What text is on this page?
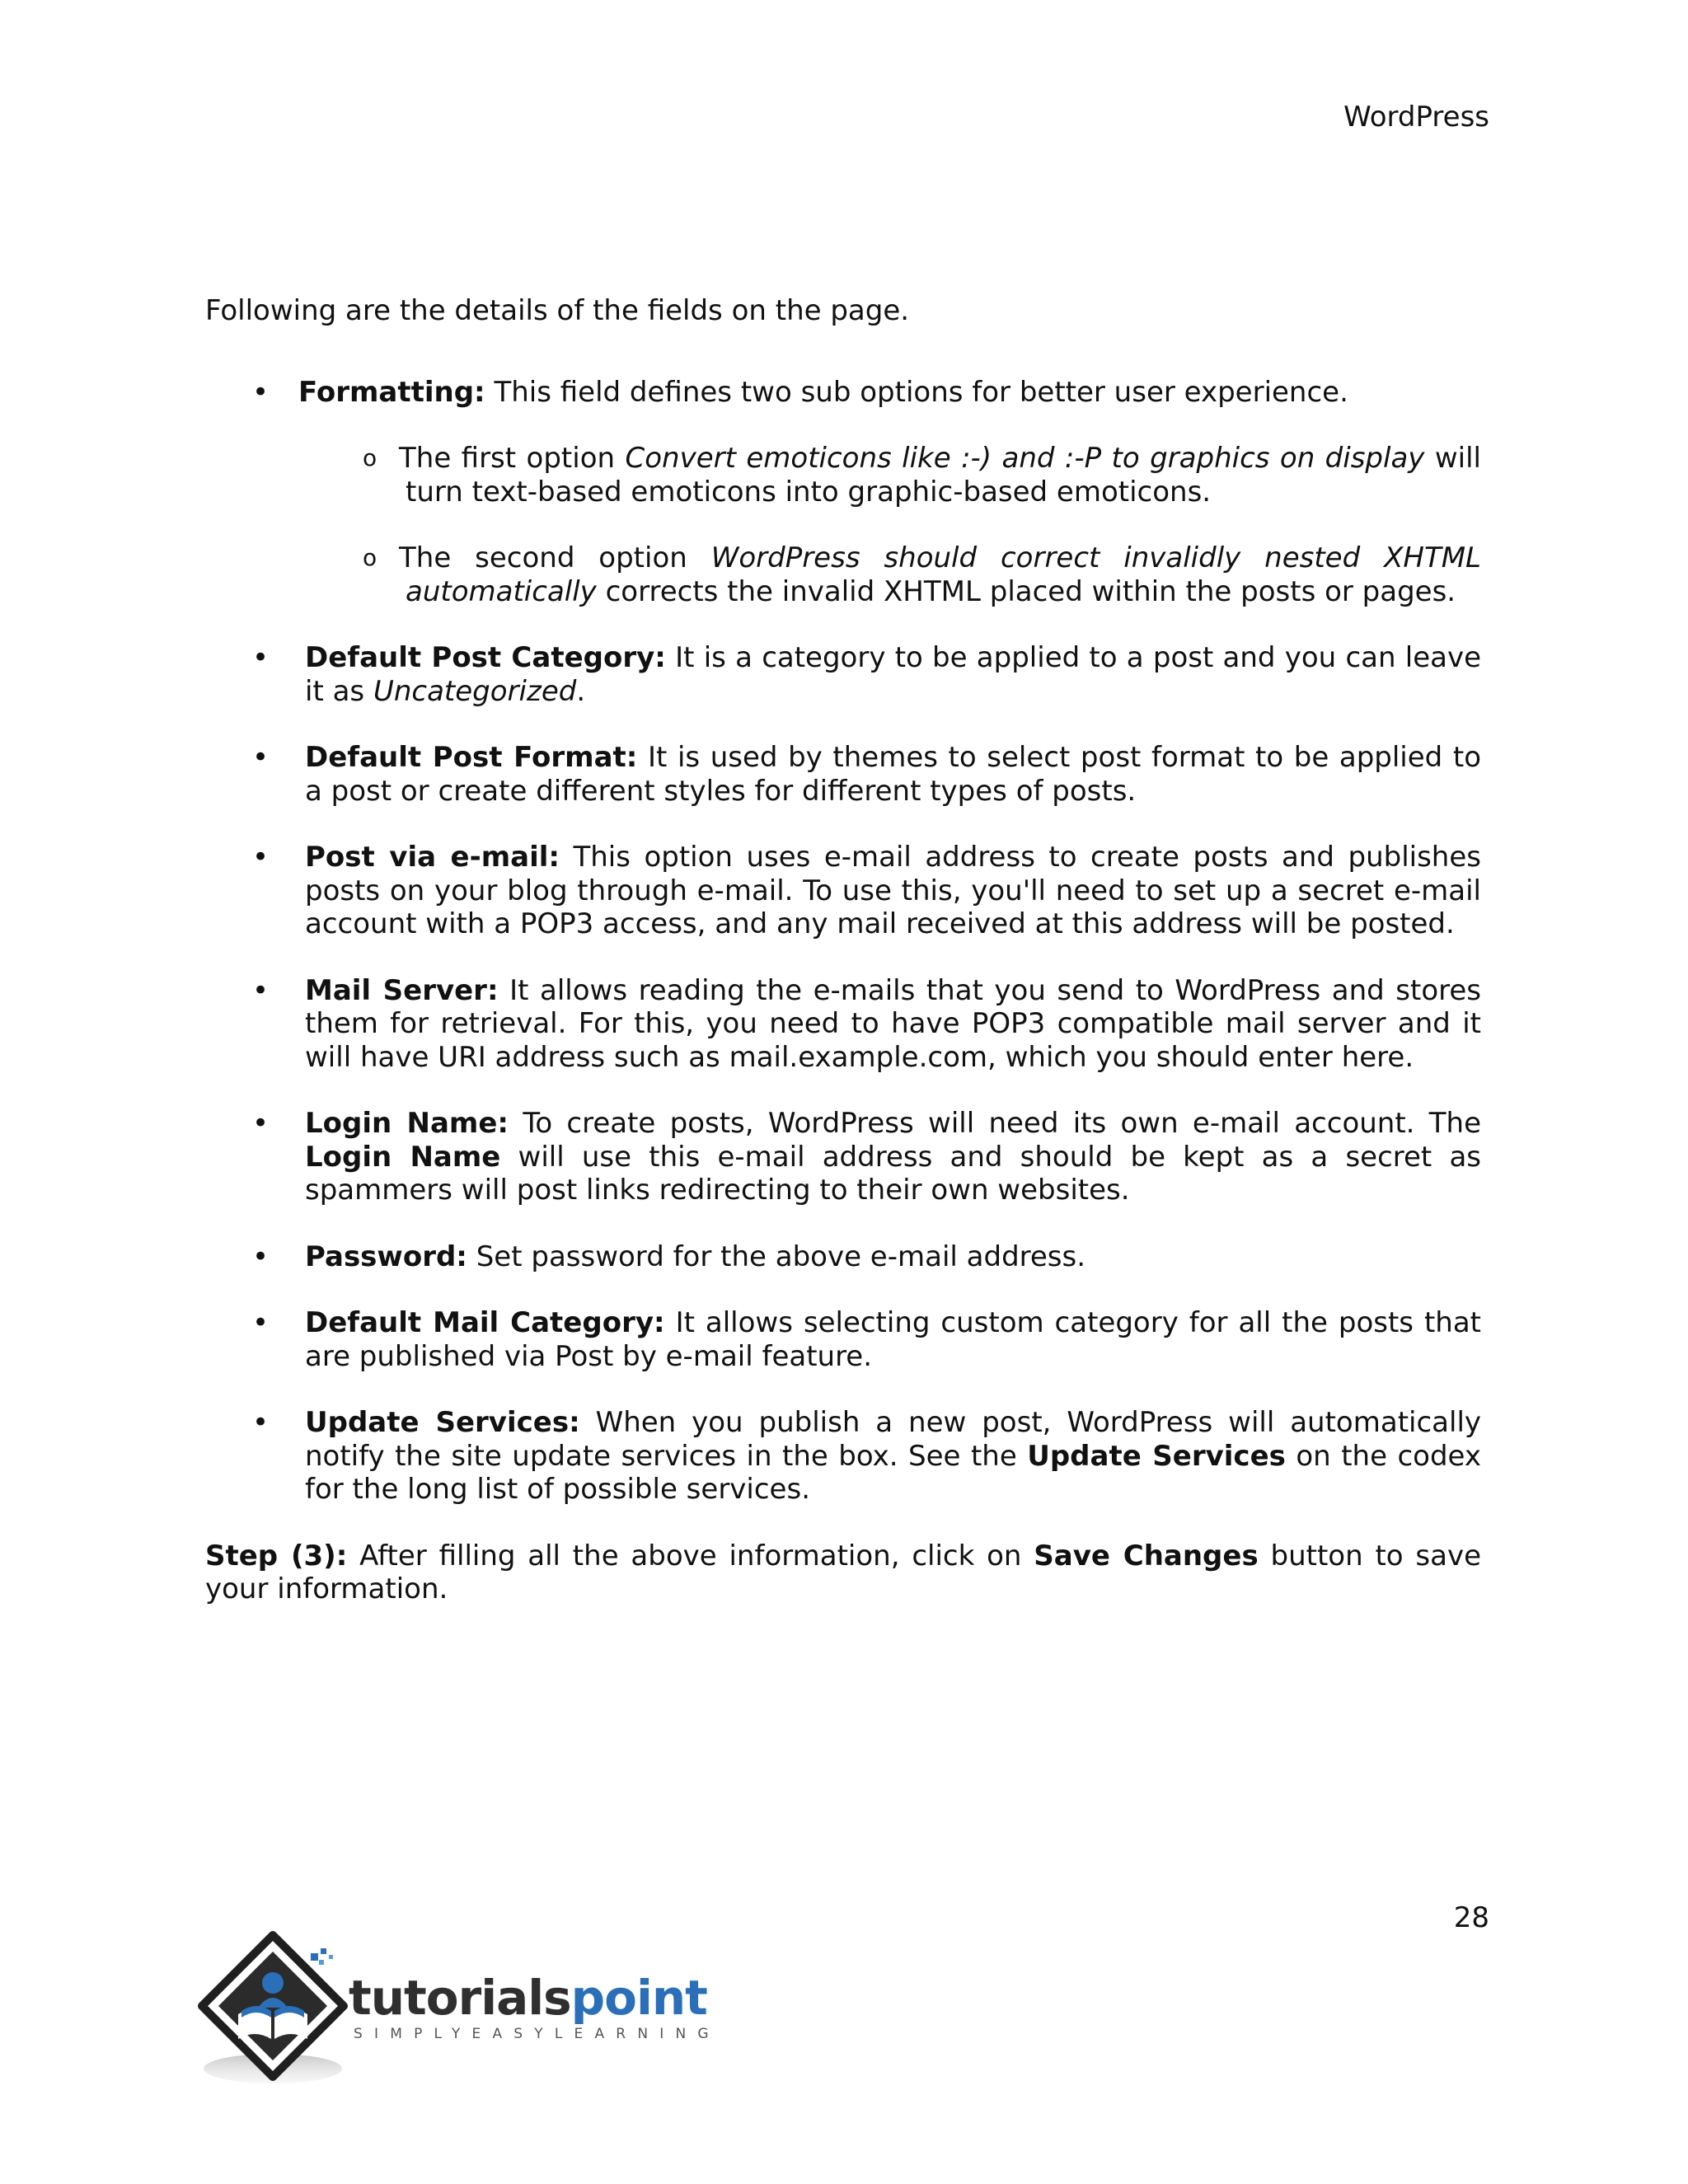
WordPress

Following are the details of the fields on the page.

• Formatting: This field defines two sub options for better user experience.
o The first option Convert emoticons like :-) and :-P to graphics on display will turn text-based emoticons into graphic-based emoticons.
o The second option WordPress should correct invalidly nested XHTML automatically corrects the invalid XHTML placed within the posts or pages.
• Default Post Category: It is a category to be applied to a post and you can leave it as Uncategorized.
• Default Post Format: It is used by themes to select post format to be applied to a post or create different styles for different types of posts.
• Post via e-mail: This option uses e-mail address to create posts and publishes posts on your blog through e-mail. To use this, you'll need to set up a secret e-mail account with a POP3 access, and any mail received at this address will be posted.
• Mail Server: It allows reading the e-mails that you send to WordPress and stores them for retrieval. For this, you need to have POP3 compatible mail server and it will have URI address such as mail.example.com, which you should enter here.
• Login Name: To create posts, WordPress will need its own e-mail account. The Login Name will use this e-mail address and should be kept as a secret as spammers will post links redirecting to their own websites.
• Password: Set password for the above e-mail address.
• Default Mail Category: It allows selecting custom category for all the posts that are published via Post by e-mail feature.
• Update Services: When you publish a new post, WordPress will automatically notify the site update services in the box. See the Update Services on the codex for the long list of possible services.

Step (3): After filling all the above information, click on Save Changes button to save your information.

28
tutorialspoint
SIMPLYEASYLEARNING
